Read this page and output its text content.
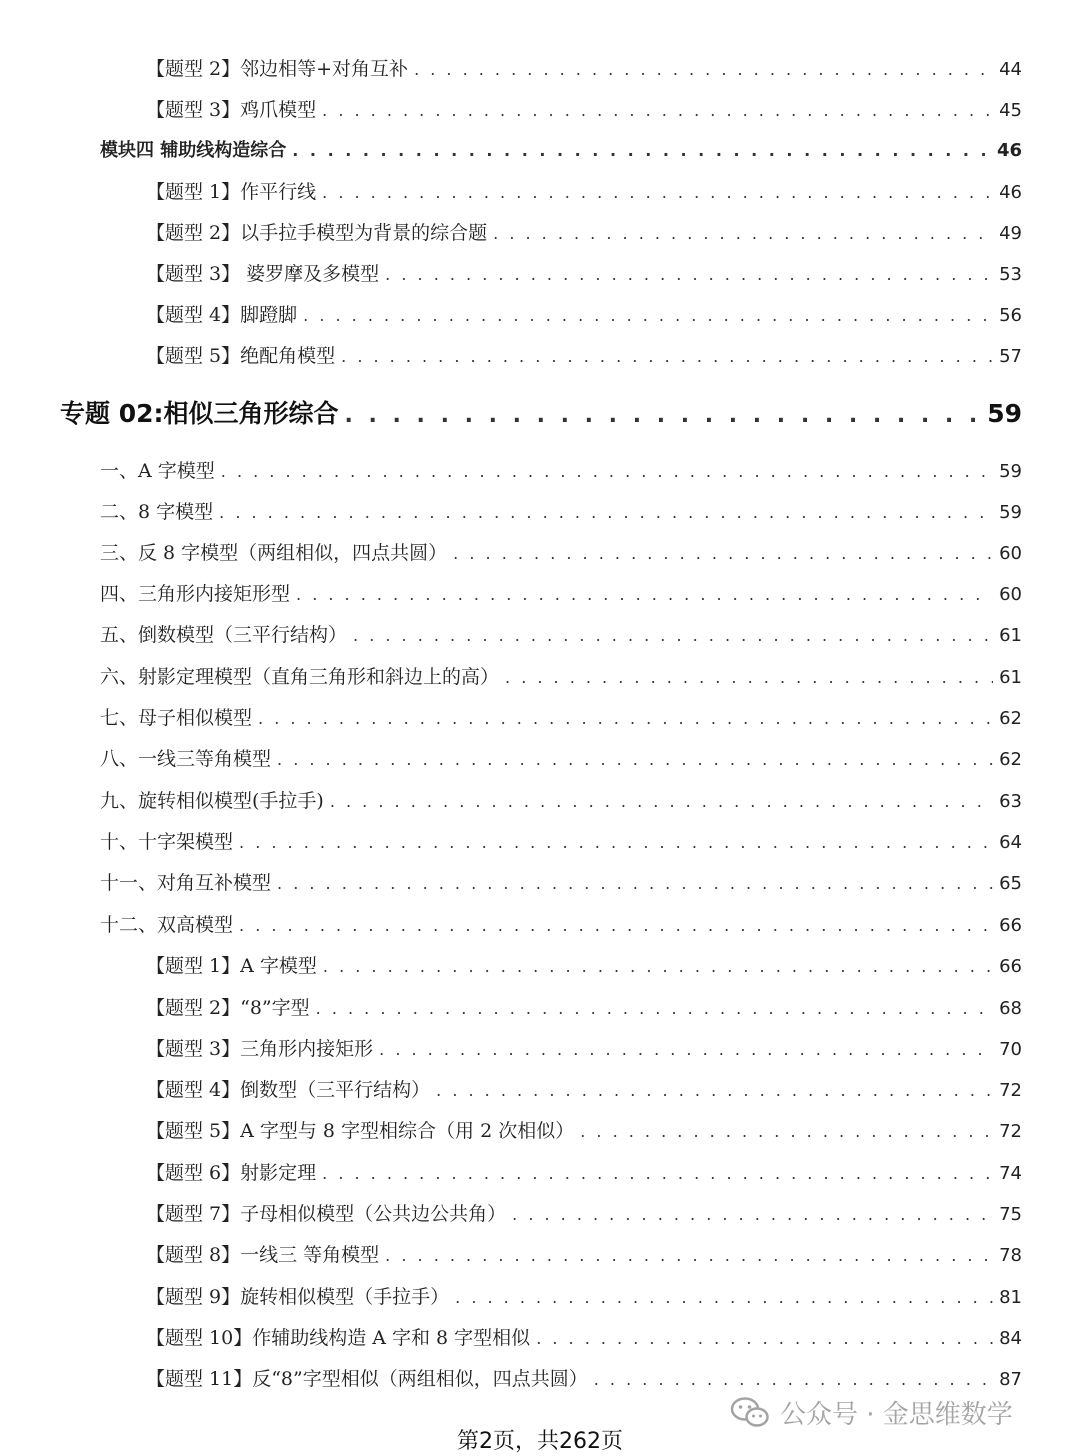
【题型 2】邻边相等+对角互补 . . .	44
【题型 3】鸡爪模型 . . .	45
模块四 辅助线构造综合 . . .	46
【题型 1】作平行线 . . .	46
【题型 2】以手拉手模型为背景的综合题 . . .	49
【题型 3】 婆罗摩及多模型 . . .	53
【题型 4】脚蹬脚 . . .	56
【题型 5】绝配角模型 . . .	57
专题 02:相似三角形综合 . . .	59
一、A 字模型 . . .	59
二、8 字模型 . . .	59
三、反 8 字模型（两组相似，四点共圆） . . .	60
四、三角形内接矩形型 . . .	60
五、倒数模型（三平行结构） . . .	61
六、射影定理模型（直角三角形和斜边上的高） . . .	61
七、母子相似模型 . . .	62
八、一线三等角模型 . . .	62
九、旋转相似模型(手拉手) . . .	63
十、十字架模型 . . .	64
十一、对角互补模型 . . .	65
十二、双高模型 . . .	66
【题型 1】A 字模型 . . .	66
【题型 2】“8”字型 . . .	68
【题型 3】三角形内接矩形 . . .	70
【题型 4】倒数型（三平行结构） . . .	72
【题型 5】A 字型与 8 字型相综合（用 2 次相似） . . .	72
【题型 6】射影定理 . . .	74
【题型 7】子母相似模型（公共边公共角） . . .	75
【题型 8】一线三 等角模型 . . .	78
【题型 9】旋转相似模型（手拉手） . . .	81
【题型 10】作辅助线构造 A 字和 8 字型相似 . . .	84
【题型 11】反“8”字型相似（两组相似，四点共圆） . . .	87
公众号 · 金思维数学
第2页，共262页
